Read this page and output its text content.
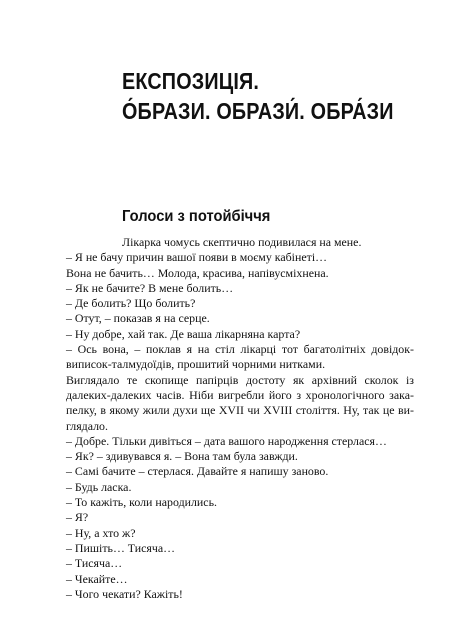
ЕКСПОЗИЦІЯ.
О́БРАЗИ. ОБРАЗИ́. ОБРА́ЗИ
Голоси з потойбіччя

Лікарка чомусь скептично подивилася на мене.

– Я не бачу причин вашої появи в моєму кабінеті…

Вона не бачить… Молода, красива, напівусміхнена.

– Як не бачите? В мене болить…

– Де болить? Що болить?

– Отут, – показав я на серце.

– Ну добре, хай так. Де ваша лікарняна карта?

– Ось вона, – поклав я на стіл лікарці тот багатолітніх довідок-

виписок-талмудоїдів, прошитий чорними нитками.

Виглядало те скопище папірців достоту як архівний сколок із

далеких-далеких часів. Ніби вигребли його з хронологічного зака-

пелку, в якому жили духи ще XVII чи XVIII століття. Ну, так це ви-

глядало.

– Добре. Тільки дивіться – дата вашого народження стерлася…

– Як? – здивувався я. – Вона там була завжди.

– Самі бачите – стерлася. Давайте я напишу заново.

– Будь ласка.

– То кажіть, коли народились.

– Я?

– Ну, а хто ж?

– Пишіть… Тисяча…

– Тисяча…

– Чекайте…

– Чого чекати? Кажіть!
